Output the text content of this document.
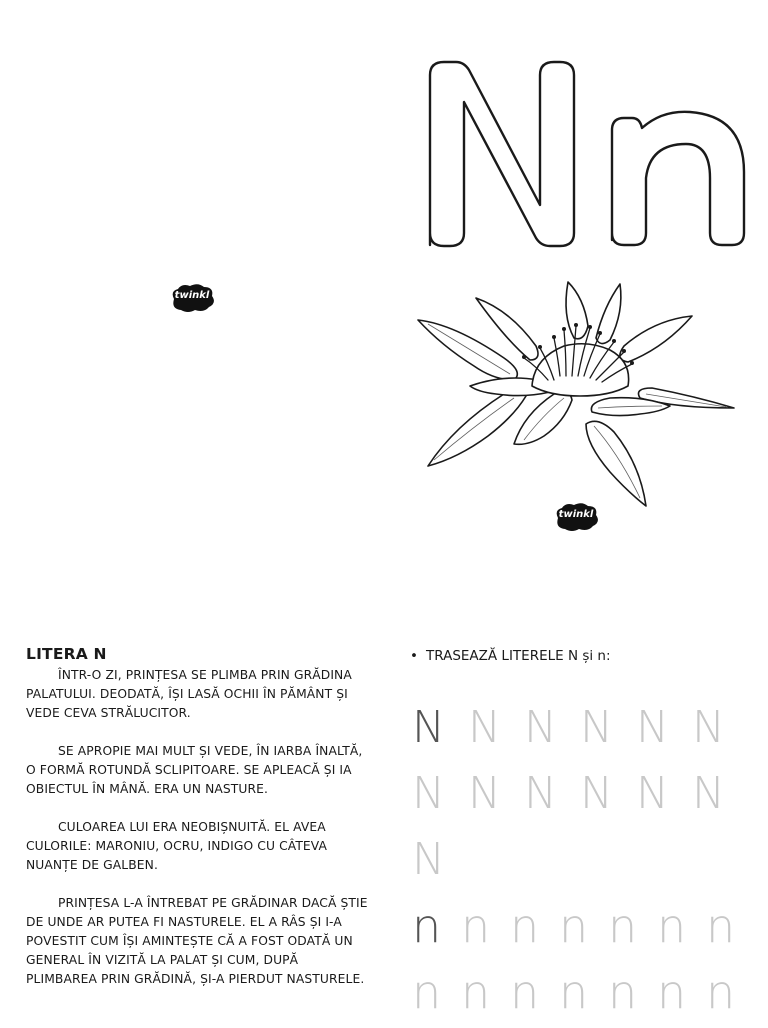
twinkl
twinkl
LITERA N

ÎNTR-O ZI, PRINȚESA SE PLIMBA PRIN GRĂDINA PALATULUI. DEODATĂ, ÎȘI LASĂ OCHII ÎN PĂMÂNT ȘI VEDE CEVA STRĂLUCITOR.

SE APROPIE MAI MULT ȘI VEDE, ÎN IARBA ÎNALTĂ, O FORMĂ ROTUNDĂ SCLIPITOARE. SE APLEACĂ ȘI IA OBIECTUL ÎN MÂNĂ. ERA UN NASTURE.

CULOAREA LUI ERA NEOBIȘNUITĂ. EL AVEA CULORILE: MARONIU, OCRU, INDIGO CU CÂTEVA NUANȚE DE GALBEN.

PRINȚESA L-A ÎNTREBAT PE GRĂDINAR DACĂ ȘTIE DE UNDE AR PUTEA FI NASTURELE. EL A RÂS ȘI I-A POVESTIT CUM ÎȘI AMINTEȘTE CĂ A FOST ODATĂ UN GENERAL ÎN VIZITĂ LA PALAT ȘI CUM, DUPĂ PLIMBAREA PRIN GRĂDINĂ, ȘI-A PIERDUT NASTURELE.

• TRASEAZĂ LITERELE N și n:
N N N N N N
N N N N N N
N
n n n n n n n
n n n n n n n
